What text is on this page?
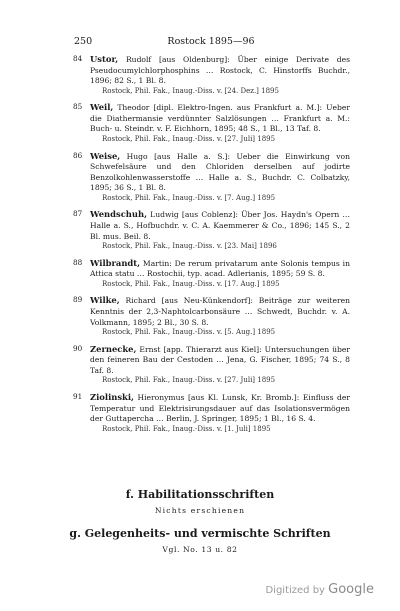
250	Rostock 1895—96
84 Ustor, Rudolf [aus Oldenburg]: Über einige Derivate des Pseudocumylchlorphosphins … Rostock, C. Hinstorffs Buchdr., 1896; 82 S., 1 Bl. 8.
Rostock, Phil. Fak., Inaug.-Diss. v. [24. Dez.] 1895
85 Weil, Theodor [dipl. Elektro-Ingen. aus Frankfurt a. M.]: Ueber die Diathermansie verdünnter Salzlösungen … Frankfurt a. M.: Buch- u. Steindr. v. F. Eichhorn, 1895; 48 S., 1 Bl., 13 Taf. 8.
Rostock, Phil. Fak., Inaug.-Diss. v. [27. Juli] 1895
86 Weise, Hugo [aus Halle a. S.]: Ueber die Einwirkung von Schwefelsäure und den Chloriden derselben auf jodirte Benzolkohlenwasserstoffe … Halle a. S., Buchdr. C. Colbatzky, 1895; 36 S., 1 Bl. 8.
Rostock, Phil. Fak., Inaug.-Diss. v. [7. Aug.] 1895
87 Wendschuh, Ludwig [aus Coblenz]: Über Jos. Haydn's Opern … Halle a. S., Hofbuchdr. v. C. A. Kaemmerer & Co., 1896; 145 S., 2 Bl. mus. Beil. 8.
Rostock, Phil. Fak., Inaug.-Diss. v. [23. Mai] 1896
88 Wilbrandt, Martin: De rerum privatarum ante Solonis tempus in Attica statu … Rostochii, typ. acad. Adlerianis, 1895; 59 S. 8.
Rostock, Phil. Fak., Inaug.-Diss. v. [17. Aug.] 1895
89 Wilke, Richard [aus Neu-Künkendorf]: Beiträge zur weiteren Kenntnis der 2,3-Naphtolcarbonsäure … Schwedt, Buchdr. v. A. Volkmann, 1895; 2 Bl., 30 S. 8.
Rostock, Phil. Fak., Inaug.-Diss. v. [5. Aug.] 1895
90 Zernecke, Ernst [app. Thierarzt aus Kiel]: Untersuchungen über den feineren Bau der Cestoden … Jena, G. Fischer, 1895; 74 S., 8 Taf. 8.
Rostock, Phil. Fak., Inaug.-Diss. v. [27. Juli] 1895
91 Ziolinski, Hieronymus [aus Kl. Lunsk, Kr. Bromb.]: Einfluss der Temperatur und Elektrisirungsdauer auf das Isolationsvermögen der Guttapercha … Berlin, J. Springer, 1895; 1 Bl., 16 S. 4.
Rostock, Phil. Fak., Inaug.-Diss. v. [1. Juli] 1895
f. Habilitationsschriften
Nichts erschienen
g. Gelegenheits- und vermischte Schriften
Vgl. No. 13 u. 82
Digitized by Google
